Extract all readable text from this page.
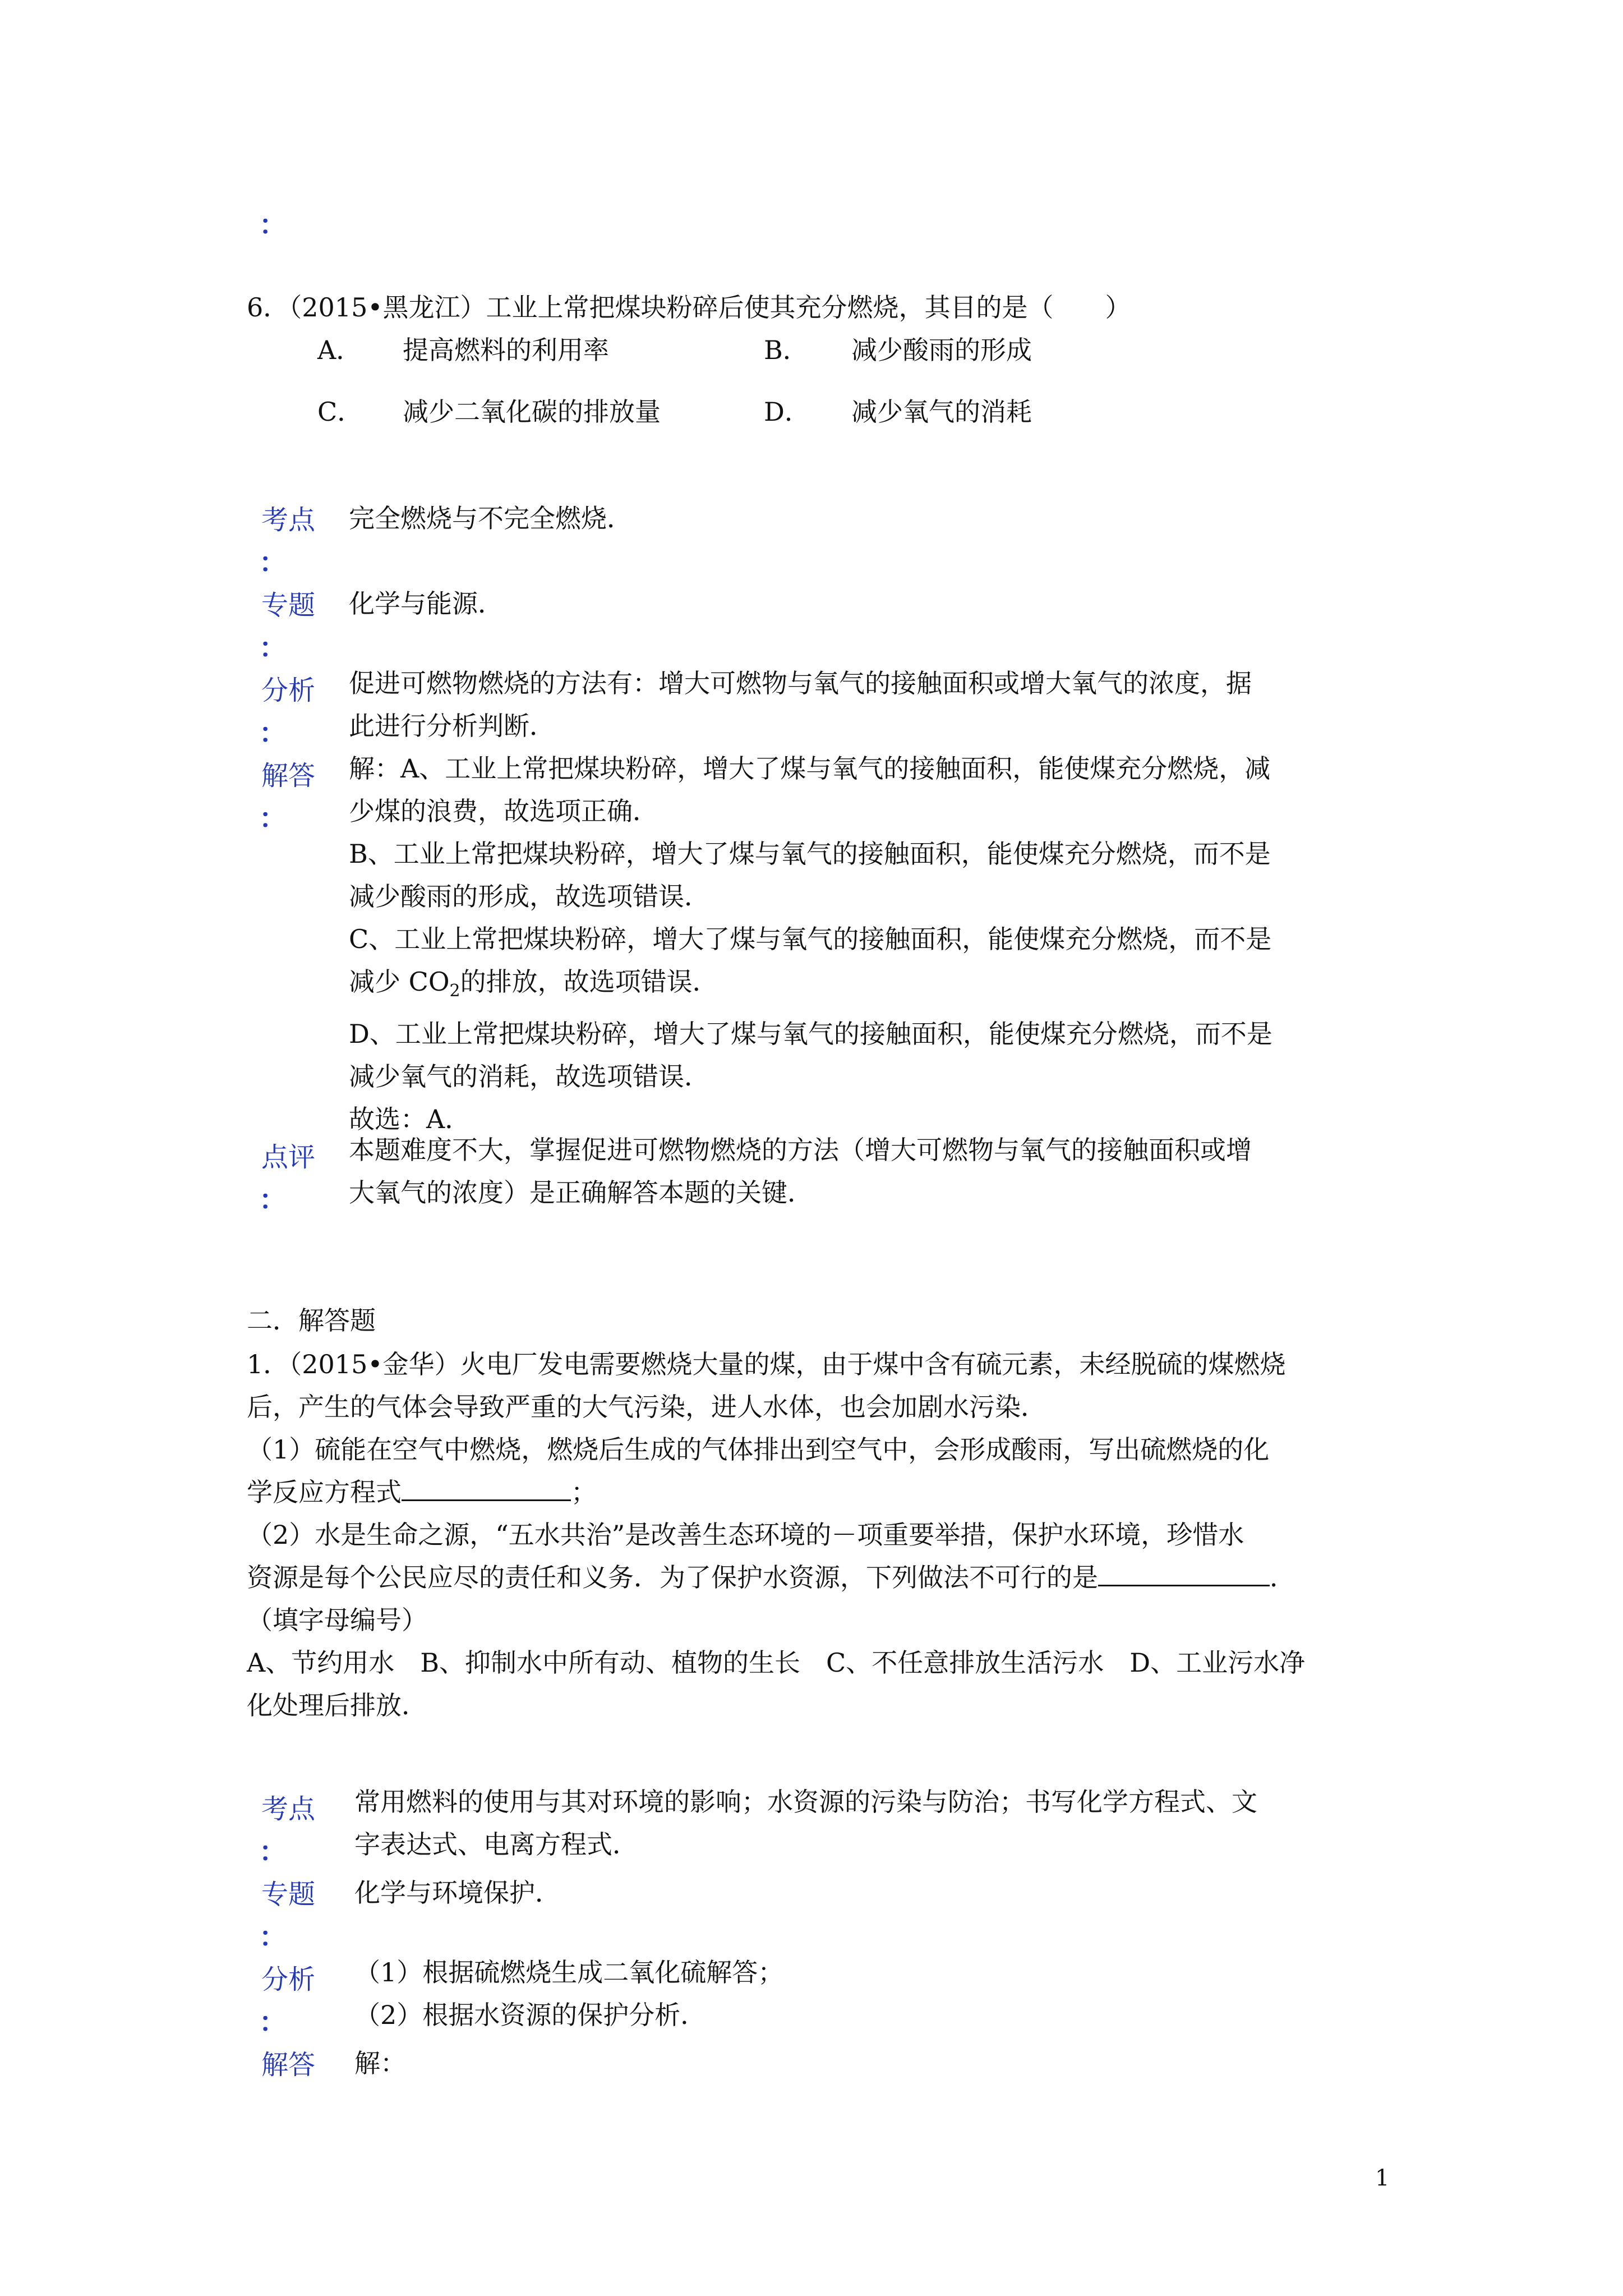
：
6．（2015•黑龙江）工业上常把煤块粉碎后使其充分燃烧，其目的是（　　）
A． 提高燃料的利用率	B． 减少酸雨的形成
C． 减少二氧化碳的排放量	D． 减少氧气的消耗
考点
：
完全燃烧与不完全燃烧．
专题
：
化学与能源．
分析
：
促进可燃物燃烧的方法有：增大可燃物与氧气的接触面积或增大氧气的浓度，据
此进行分析判断．
解答
：
解：A、工业上常把煤块粉碎，增大了煤与氧气的接触面积，能使煤充分燃烧，减
少煤的浪费，故选项正确．
B、工业上常把煤块粉碎，增大了煤与氧气的接触面积，能使煤充分燃烧，而不是
减少酸雨的形成，故选项错误．
C、工业上常把煤块粉碎，增大了煤与氧气的接触面积，能使煤充分燃烧，而不是
减少 $CO_2$的排放，故选项错误．
D、工业上常把煤块粉碎，增大了煤与氧气的接触面积，能使煤充分燃烧，而不是
减少氧气的消耗，故选项错误．
故选：A．
点评
：
本题难度不大，掌握促进可燃物燃烧的方法（增大可燃物与氧气的接触面积或增
大氧气的浓度）是正确解答本题的关键．
二．解答题
1．（2015•金华）火电厂发电需要燃烧大量的煤，由于煤中含有硫元素，未经脱硫的煤燃烧
后，产生的气体会导致严重的大气污染，进人水体，也会加剧水污染．
（1）硫能在空气中燃烧，燃烧后生成的气体排出到空气中，会形成酸雨，写出硫燃烧的化
学反应方程式	；
（2）水是生命之源，“五水共治”是改善生态环境的－项重要举措，保护水环境，珍惜水
资源是每个公民应尽的责任和义务．为了保护水资源，下列做法不可行的是	．
（填字母编号）
A、节约用水　B、抑制水中所有动、植物的生长　C、不任意排放生活污水　D、工业污水净
化处理后排放．
考点
：
常用燃料的使用与其对环境的影响；水资源的污染与防治；书写化学方程式、文
字表达式、电离方程式．
专题
：
化学与环境保护．
分析
：
（1）根据硫燃烧生成二氧化硫解答；
（2）根据水资源的保护分析．
解答 解：
1
